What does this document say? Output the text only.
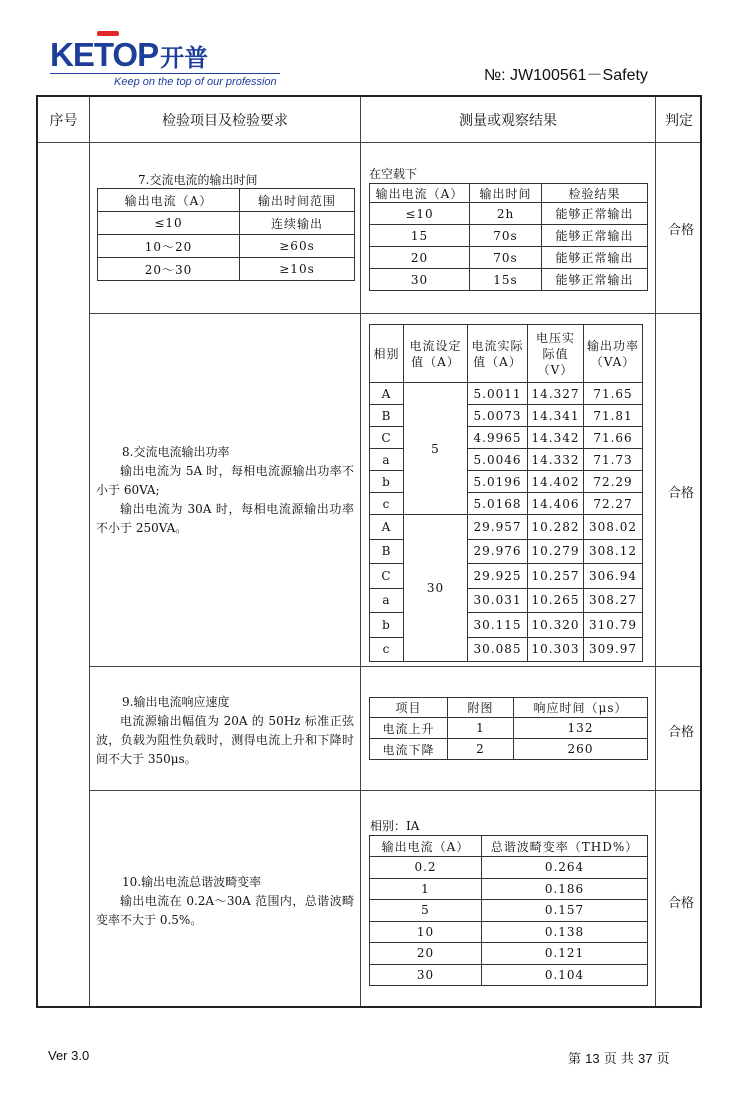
KETOP开普
Keep on the top of our profession	№: JW100561－Safety
序号	检验项目及检验要求	测量或观察结果	判定
7.交流电流的输出时间
输出电流（A）	输出时间范围
≤10	连续输出
10～20	≥60s
20～30	≥10s
在空载下
输出电流（A）	输出时间	检验结果
≤10	2h	能够正常输出
15	70s	能够正常输出
20	70s	能够正常输出
30	15s	能够正常输出
合格
8.交流电流输出功率

输出电流为 5A 时，每相电流源输出功率不小于 60VA;

输出电流为 30A 时，每相电流源输出功率不小于 250VA。

相别	电流设定值（A）	电流实际值（A）	电压实际值（V）	输出功率（VA）
A	5	5.0011	14.327	71.65
B		5.0073	14.341	71.81
C		4.9965	14.342	71.66
a		5.0046	14.332	71.73
b		5.0196	14.402	72.29
c		5.0168	14.406	72.27
A	30	29.957	10.282	308.02
B		29.976	10.279	308.12
C		29.925	10.257	306.94
a		30.031	10.265	308.27
b		30.115	10.320	310.79
c		30.085	10.303	309.97
合格
9.输出电流响应速度

电流源输出幅值为 20A 的 50Hz 标准正弦波，负载为阻性负载时，测得电流上升和下降时间不大于 350μs。

项目	附图	响应时间（μs）
电流上升	1	132
电流下降	2	260
合格
10.输出电流总谐波畸变率

输出电流在 0.2A～30A 范围内，总谐波畸变率不大于 0.5%。

相别：IA
输出电流（A）	总谐波畸变率（THD%）
0.2	0.264
1	0.186
5	0.157
10	0.138
20	0.121
30	0.104
合格
Ver 3.0	第 13 页 共 37 页
